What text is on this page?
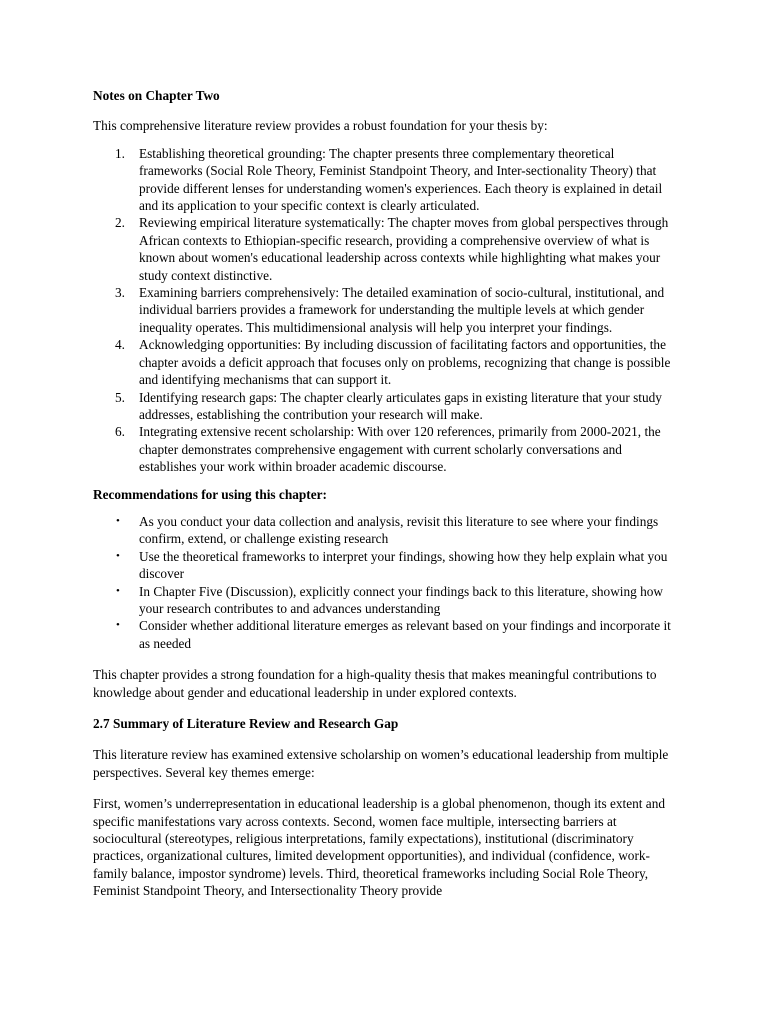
Notes on Chapter Two

This comprehensive literature review provides a robust foundation for your thesis by:

1. Establishing theoretical grounding: The chapter presents three complementary theoretical frameworks (Social Role Theory, Feminist Standpoint Theory, and Inter-sectionality Theory) that provide different lenses for understanding women's experiences. Each theory is explained in detail and its application to your specific context is clearly articulated.
2. Reviewing empirical literature systematically: The chapter moves from global perspectives through African contexts to Ethiopian-specific research, providing a comprehensive overview of what is known about women's educational leadership across contexts while highlighting what makes your study context distinctive.
3. Examining barriers comprehensively: The detailed examination of socio-cultural, institutional, and individual barriers provides a framework for understanding the multiple levels at which gender inequality operates. This multidimensional analysis will help you interpret your findings.
4. Acknowledging opportunities: By including discussion of facilitating factors and opportunities, the chapter avoids a deficit approach that focuses only on problems, recognizing that change is possible and identifying mechanisms that can support it.
5. Identifying research gaps: The chapter clearly articulates gaps in existing literature that your study addresses, establishing the contribution your research will make.
6. Integrating extensive recent scholarship: With over 120 references, primarily from 2000-2021, the chapter demonstrates comprehensive engagement with current scholarly conversations and establishes your work within broader academic discourse.

Recommendations for using this chapter:

• As you conduct your data collection and analysis, revisit this literature to see where your findings confirm, extend, or challenge existing research
• Use the theoretical frameworks to interpret your findings, showing how they help explain what you discover
• In Chapter Five (Discussion), explicitly connect your findings back to this literature, showing how your research contributes to and advances understanding
• Consider whether additional literature emerges as relevant based on your findings and incorporate it as needed

This chapter provides a strong foundation for a high-quality thesis that makes meaningful contributions to knowledge about gender and educational leadership in under explored contexts.

2.7 Summary of Literature Review and Research Gap

This literature review has examined extensive scholarship on women’s educational leadership from multiple perspectives. Several key themes emerge:

First, women’s underrepresentation in educational leadership is a global phenomenon, though its extent and specific manifestations vary across contexts. Second, women face multiple, intersecting barriers at sociocultural (stereotypes, religious interpretations, family expectations), institutional (discriminatory practices, organizational cultures, limited development opportunities), and individual (confidence, work-family balance, impostor syndrome) levels. Third, theoretical frameworks including Social Role Theory, Feminist Standpoint Theory, and Intersectionality Theory provide
